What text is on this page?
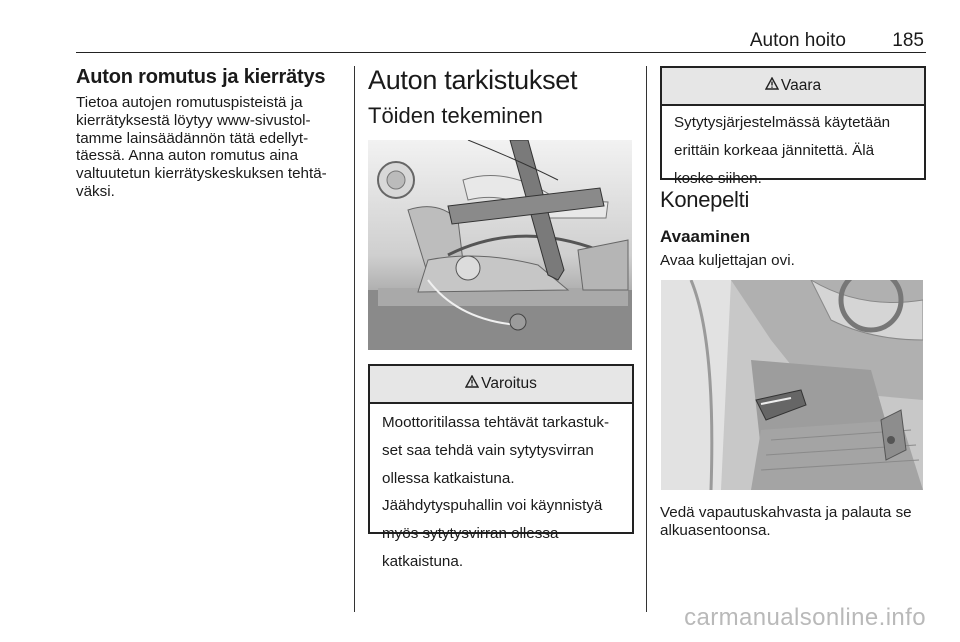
Auton hoito 185
Auton romutus ja kierrätys

Tietoa autojen romutuspisteistä ja

kierrätyksestä löytyy www-sivustol-

tamme lainsäädännön tätä edellyt-

täessä. Anna auton romutus aina

valtuutetun kierrätyskeskuksen tehtä-

väksi.

Auton tarkistukset
Töiden tekeminen
Varoitus

Moottoritilassa tehtävät tarkastuk-

set saa tehdä vain sytytysvirran

ollessa katkaistuna.

Jäähdytyspuhallin voi käynnistyä

myös sytytysvirran ollessa

katkaistuna.

Vaara

Sytytysjärjestelmässä käytetään

erittäin korkeaa jännitettä. Älä

koske siihen.

Konepelti
Avaaminen

Avaa kuljettajan ovi.

Vedä vapautuskahvasta ja palauta se

alkuasentoonsa.

carmanualsonline.info
